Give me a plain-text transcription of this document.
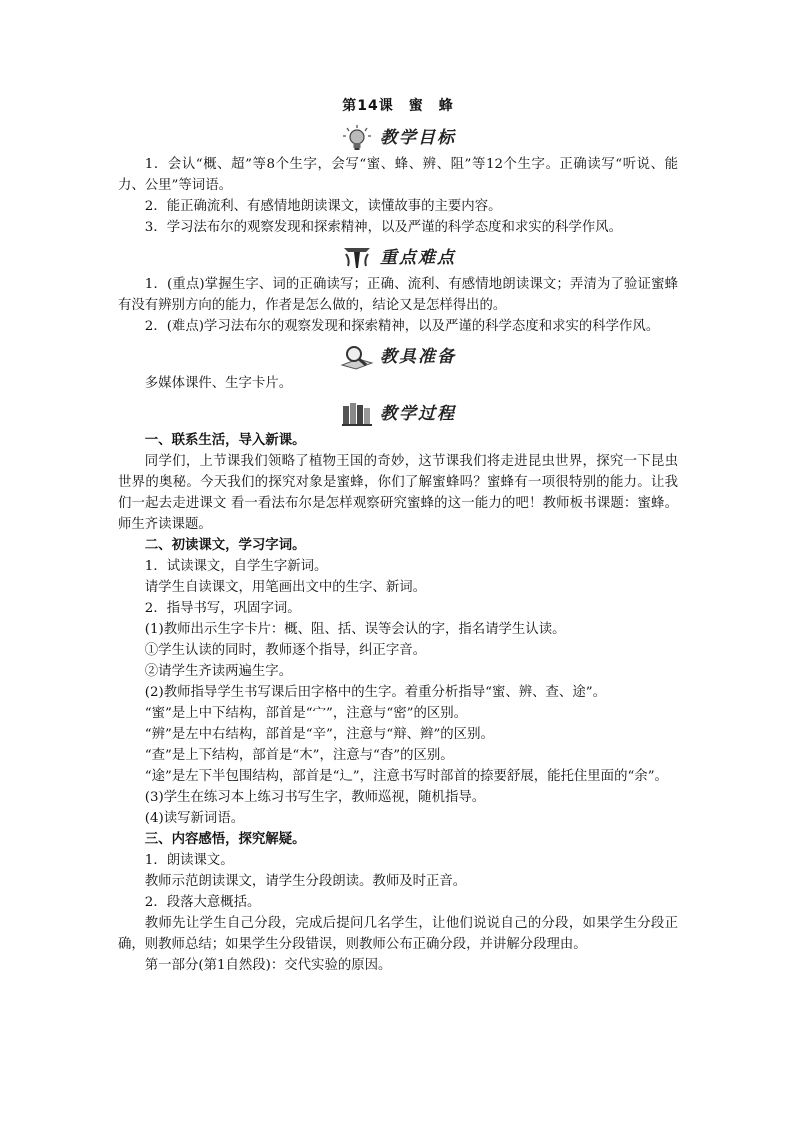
第14课　蜜　蜂
教学目标

1．会认“概、超”等8个生字，会写“蜜、蜂、辨、阻”等12个生字。正确读写“听说、能力、公里”等词语。

2．能正确流利、有感情地朗读课文，读懂故事的主要内容。

3．学习法布尔的观察发现和探索精神，以及严谨的科学态度和求实的科学作风。

重点难点

1．(重点)掌握生字、词的正确读写；正确、流利、有感情地朗读课文；弄清为了验证蜜蜂有没有辨别方向的能力，作者是怎么做的，结论又是怎样得出的。

2．(难点)学习法布尔的观察发现和探索精神，以及严谨的科学态度和求实的科学作风。

教具准备

多媒体课件、生字卡片。

教学过程

一、联系生活，导入新课。

同学们，上节课我们领略了植物王国的奇妙，这节课我们将走进昆虫世界，探究一下昆虫世界的奥秘。今天我们的探究对象是蜜蜂，你们了解蜜蜂吗？蜜蜂有一项很特别的能力。让我们一起去走进课文 看一看法布尔是怎样观察研究蜜蜂的这一能力的吧！教师板书课题：蜜蜂。师生齐读课题。

二、初读课文，学习字词。

1．试读课文，自学生字新词。

请学生自读课文，用笔画出文中的生字、新词。

2．指导书写，巩固字词。

(1)教师出示生字卡片：概、阻、括、误等会认的字，指名请学生认读。

①学生认读的同时，教师逐个指导，纠正字音。

②请学生齐读两遍生字。

(2)教师指导学生书写课后田字格中的生字。着重分析指导“蜜、辨、查、途”。

“蜜”是上中下结构，部首是“宀”，注意与“密”的区别。

“辨”是左中右结构，部首是“辛”，注意与“辩、辫”的区别。

“查”是上下结构，部首是“木”，注意与“杳”的区别。

“途”是左下半包围结构，部首是“辶”，注意书写时部首的捺要舒展，能托住里面的“余”。

(3)学生在练习本上练习书写生字，教师巡视，随机指导。

(4)读写新词语。

三、内容感悟，探究解疑。

1．朗读课文。

教师示范朗读课文，请学生分段朗读。教师及时正音。

2．段落大意概括。

教师先让学生自己分段，完成后提问几名学生，让他们说说自己的分段，如果学生分段正确，则教师总结；如果学生分段错误，则教师公布正确分段，并讲解分段理由。

第一部分(第1自然段)：交代实验的原因。
